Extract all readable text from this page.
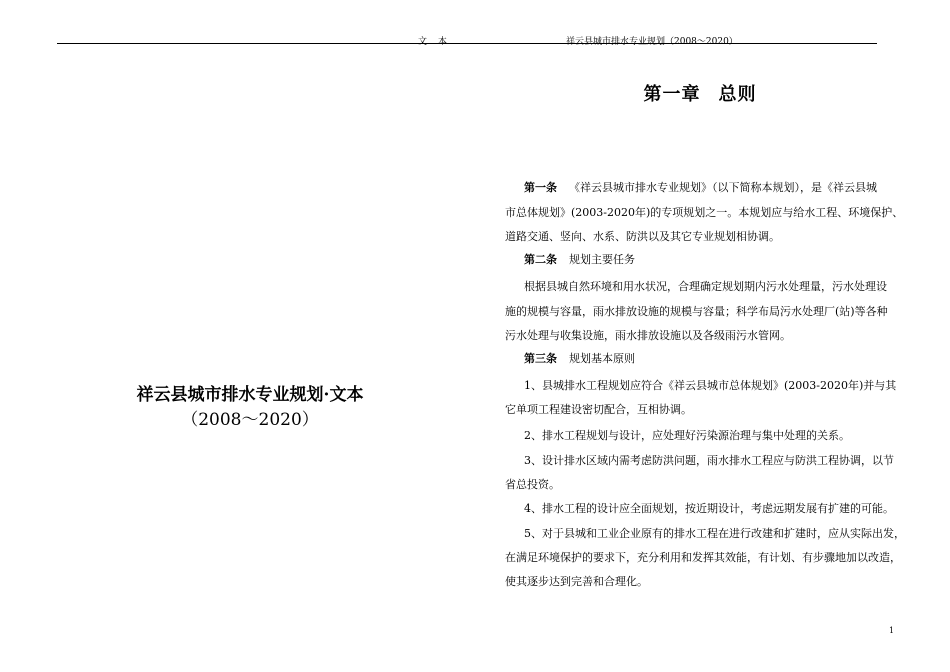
文 本	祥云县城市排水专业规划（2008～2020）
祥云县城市排水专业规划·文本
（2008～2020）
第一章 总则
第一条 《祥云县城市排水专业规划》（以下简称本规划），是《祥云县城
市总体规划》(2003-2020年)的专项规划之一。本规划应与给水工程、环境保护、
道路交通、竖向、水系、防洪以及其它专业规划相协调。
第二条 规划主要任务
根据县城自然环境和用水状况，合理确定规划期内污水处理量，污水处理设
施的规模与容量，雨水排放设施的规模与容量；科学布局污水处理厂(站)等各种
污水处理与收集设施，雨水排放设施以及各级雨污水管网。
第三条 规划基本原则
1、县城排水工程规划应符合《祥云县城市总体规划》(2003-2020年)并与其
它单项工程建设密切配合，互相协调。
2、排水工程规划与设计，应处理好污染源治理与集中处理的关系。
3、设计排水区域内需考虑防洪问题，雨水排水工程应与防洪工程协调，以节
省总投资。
4、排水工程的设计应全面规划，按近期设计，考虑远期发展有扩建的可能。
5、对于县城和工业企业原有的排水工程在进行改建和扩建时，应从实际出发，
在满足环境保护的要求下，充分利用和发挥其效能，有计划、有步骤地加以改造，
使其逐步达到完善和合理化。
1
